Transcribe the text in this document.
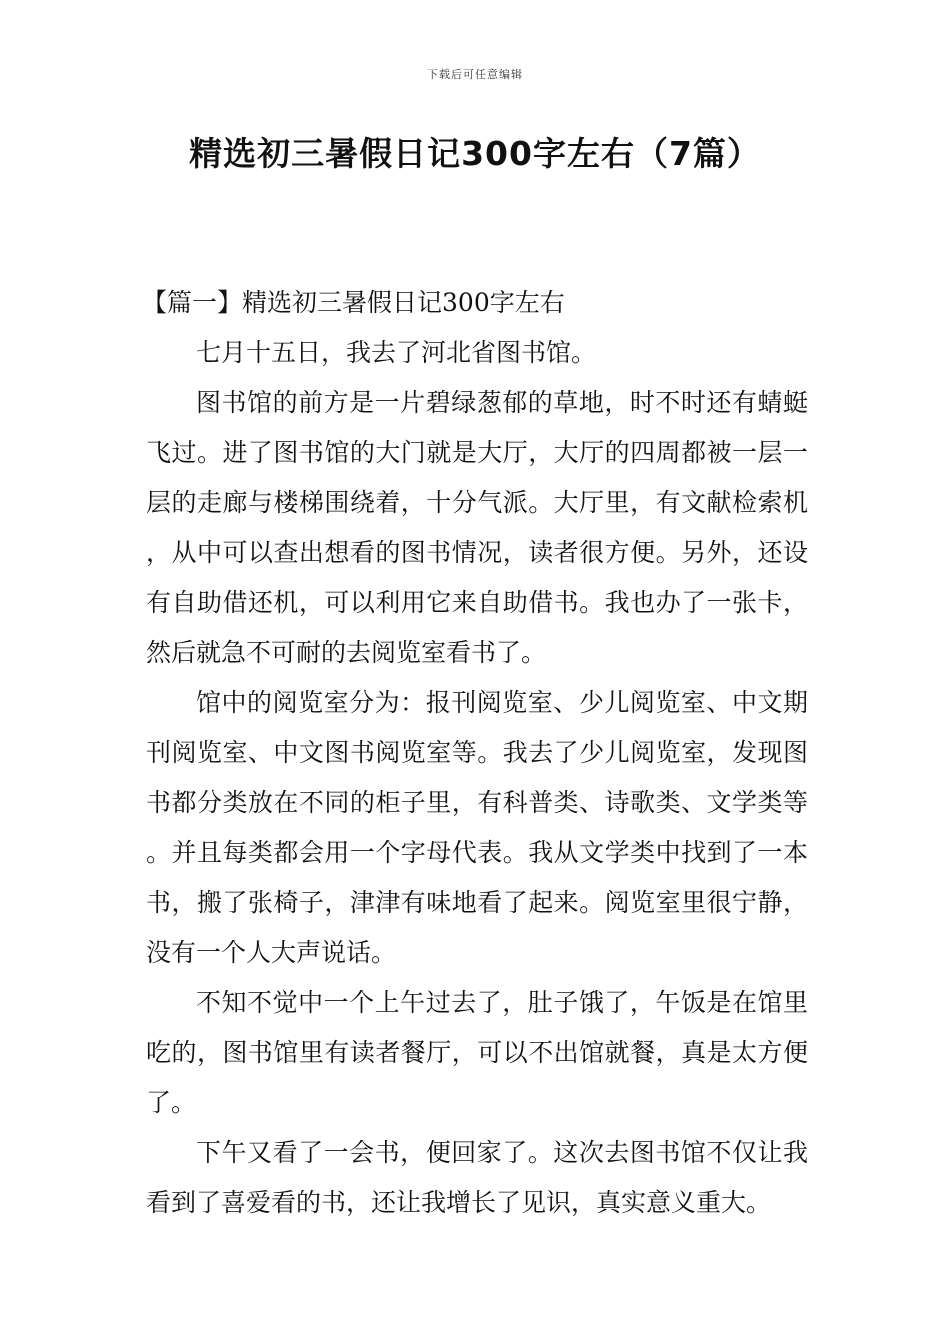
下载后可任意编辑
精选初三暑假日记300字左右（7篇）

【篇一】精选初三暑假日记300字左右

七月十五日，我去了河北省图书馆。

图书馆的前方是一片碧绿葱郁的草地，时不时还有蜻蜓飞过。进了图书馆的大门就是大厅，大厅的四周都被一层一层的走廊与楼梯围绕着，十分气派。大厅里，有文献检索机，从中可以查出想看的图书情况，读者很方便。另外，还设有自助借还机，可以利用它来自助借书。我也办了一张卡，然后就急不可耐的去阅览室看书了。

馆中的阅览室分为：报刊阅览室、少儿阅览室、中文期刊阅览室、中文图书阅览室等。我去了少儿阅览室，发现图书都分类放在不同的柜子里，有科普类、诗歌类、文学类等。并且每类都会用一个字母代表。我从文学类中找到了一本书，搬了张椅子，津津有味地看了起来。阅览室里很宁静，没有一个人大声说话。

不知不觉中一个上午过去了，肚子饿了，午饭是在馆里吃的，图书馆里有读者餐厅，可以不出馆就餐，真是太方便了。

下午又看了一会书，便回家了。这次去图书馆不仅让我看到了喜爱看的书，还让我增长了见识，真实意义重大。
